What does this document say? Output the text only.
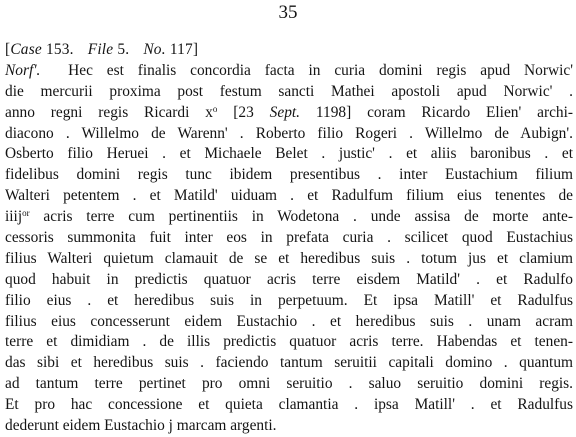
35
[Case 153. File 5. No. 117]
Norf'. Hec est finalis concordia facta in curia domini regis apud Norwic'
die mercurii proxima post festum sancti Mathei apostoli apud Norwic' .
anno regni regis Ricardi $x^o$ [23 Sept. 1198] coram Ricardo Elien' archi-
diacono . Willelmo de Warenn' . Roberto filio Rogeri . Willelmo de Aubign'.
Osberto filio Heruei . et Michaele Belet . justic' . et aliis baronibus . et
fidelibus domini regis tunc ibidem presentibus . inter Eustachium filium
Walteri petentem . et Matild' uiduam . et Radulfum filium eius tenentes de
iiij$^{or}$ acris terre cum pertinentiis in Wodetona . unde assisa de morte ante-
cessoris summonita fuit inter eos in prefata curia . scilicet quod Eustachius
filius Walteri quietum clamauit de se et heredibus suis . totum jus et clamium
quod habuit in predictis quatuor acris terre eisdem Matild' . et Radulfo
filio eius . et heredibus suis in perpetuum. Et ipsa Matill' et Radulfus
filius eius concesserunt eidem Eustachio . et heredibus suis . unam acram
terre et dimidiam . de illis predictis quatuor acris terre. Habendas et tenen-
das sibi et heredibus suis . faciendo tantum seruitii capitali domino . quantum
ad tantum terre pertinet pro omni seruitio . saluo seruitio domini regis.
Et pro hac concessione et quieta clamantia . ipsa Matill' . et Radulfus
dederunt eidem Eustachio j marcam argenti.
